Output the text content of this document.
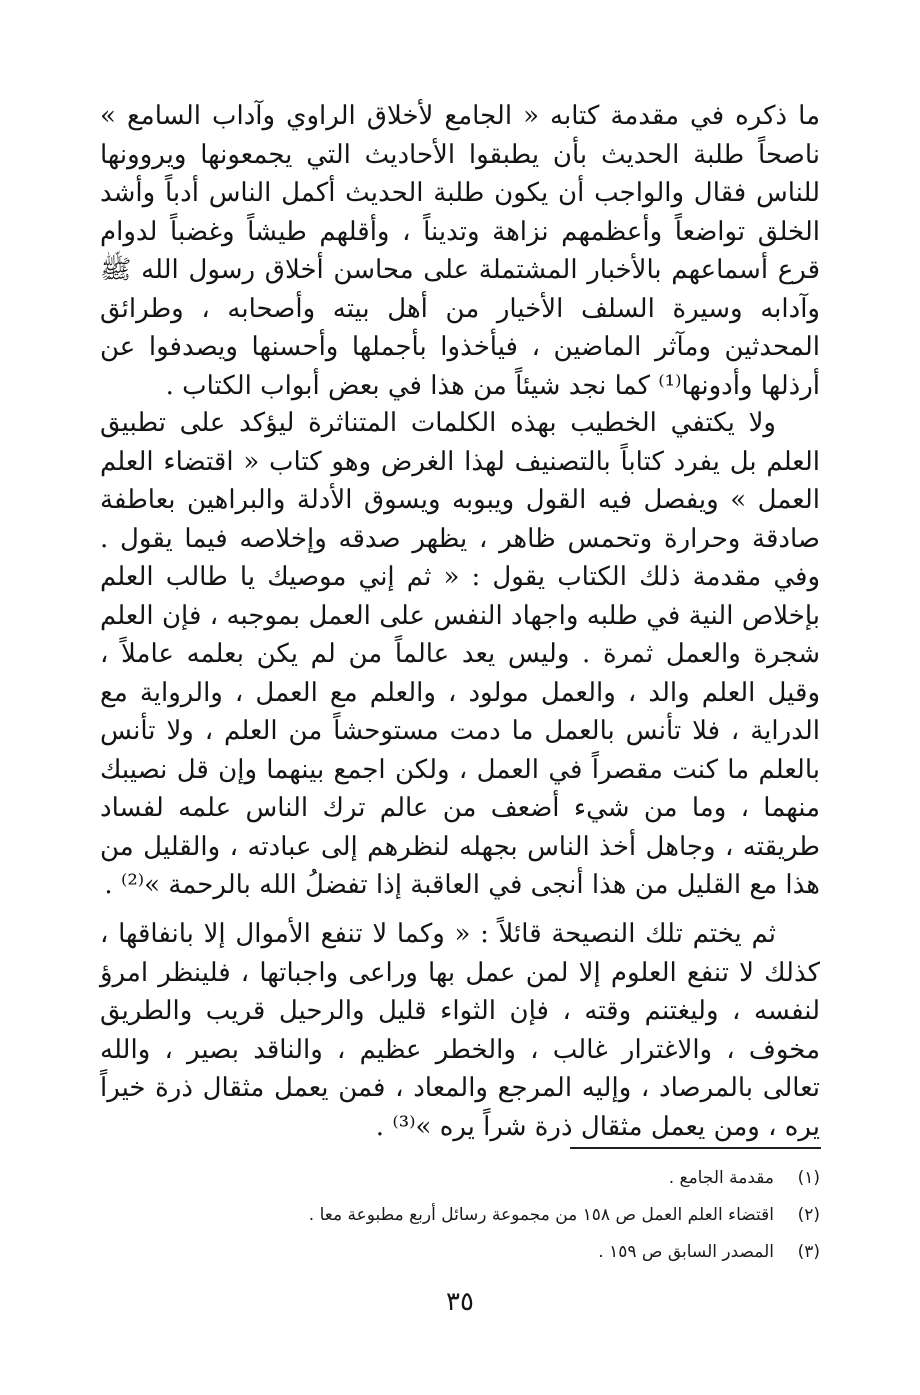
ما ذكره في مقدمة كتابه « الجامع لأخلاق الراوي وآداب السامع » ناصحاً طلبة الحديث بأن يطبقوا الأحاديث التي يجمعونها ويروونها للناس فقال والواجب أن يكون طلبة الحديث أكمل الناس أدباً وأشد الخلق تواضعاً وأعظمهم نزاهة وتديناً ، وأقلهم طيشاً وغضباً لدوام قرع أسماعهم بالأخبار المشتملة على محاسن أخلاق رسول الله ﷺ وآدابه وسيرة السلف الأخيار من أهل بيته وأصحابه ، وطرائق المحدثين ومآثر الماضين ، فيأخذوا بأجملها وأحسنها ويصدفوا عن أرذلها وأدونها⁽¹⁾ كما نجد شيئاً من هذا في بعض أبواب الكتاب .

ولا يكتفي الخطيب بهذه الكلمات المتناثرة ليؤكد على تطبيق العلم بل يفرد كتاباً بالتصنيف لهذا الغرض وهو كتاب « اقتضاء العلم العمل » ويفصل فيه القول ويبوبه ويسوق الأدلة والبراهين بعاطفة صادقة وحرارة وتحمس ظاهر ، يظهر صدقه وإخلاصه فيما يقول . وفي مقدمة ذلك الكتاب يقول : « ثم إني موصيك يا طالب العلم بإخلاص النية في طلبه واجهاد النفس على العمل بموجبه ، فإن العلم شجرة والعمل ثمرة . وليس يعد عالماً من لم يكن بعلمه عاملاً ، وقيل العلم والد ، والعمل مولود ، والعلم مع العمل ، والرواية مع الدراية ، فلا تأنس بالعمل ما دمت مستوحشاً من العلم ، ولا تأنس بالعلم ما كنت مقصراً في العمل ، ولكن اجمع بينهما وإن قل نصيبك منهما ، وما من شيء أضعف من عالم ترك الناس علمه لفساد طريقته ، وجاهل أخذ الناس بجهله لنظرهم إلى عبادته ، والقليل من هذا مع القليل من هذا أنجى في العاقبة إذا تفضلُ الله بالرحمة »⁽²⁾ .

ثم يختم تلك النصيحة قائلاً : « وكما لا تنفع الأموال إلا بانفاقها ، كذلك لا تنفع العلوم إلا لمن عمل بها وراعى واجباتها ، فلينظر امرؤ لنفسه ، وليغتنم وقته ، فإن الثواء قليل والرحيل قريب والطريق مخوف ، والاغترار غالب ، والخطر عظيم ، والناقد بصير ، والله تعالى بالمرصاد ، وإليه المرجع والمعاد ، فمن يعمل مثقال ذرة خيراً يره ، ومن يعمل مثقال ذرة شراً يره »⁽³⁾ .

(١)
مقدمة الجامع .
(٢)
اقتضاء العلم العمل ص ١٥٨ من مجموعة رسائل أربع مطبوعة معا .
(٣)
المصدر السابق ص ١٥٩ .
٣٥
